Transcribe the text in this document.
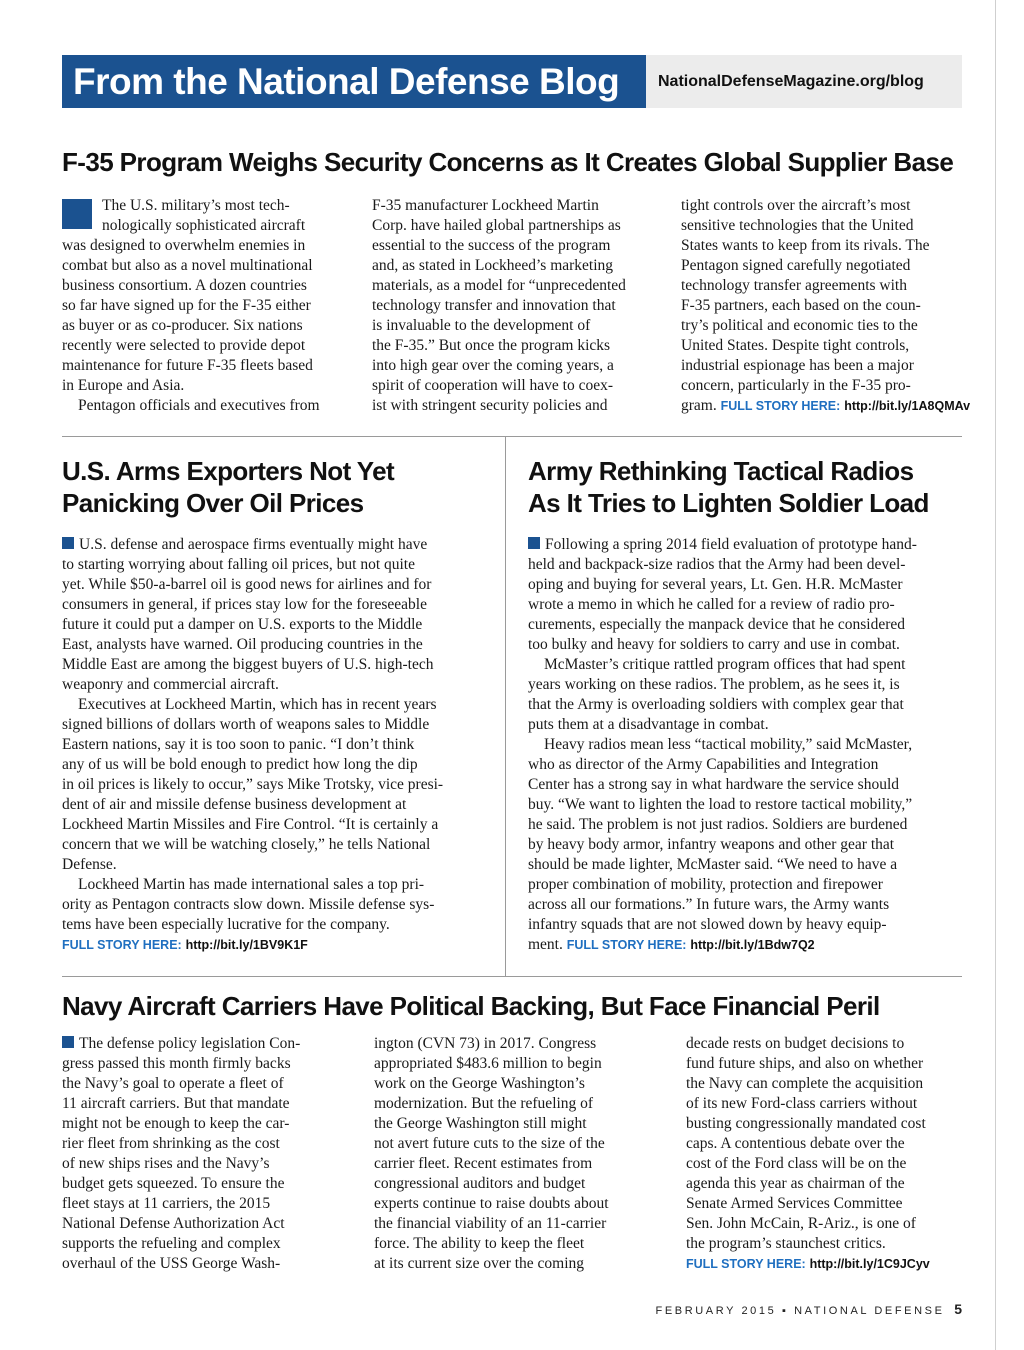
From the National Defense Blog	NationalDefenseMagazine.org/blog
F-35 Program Weighs Security Concerns as It Creates Global Supplier Base

The U.S. military’s most tech-
nologically sophisticated aircraft
was designed to overwhelm enemies in
combat but also as a novel multinational
business consortium. A dozen countries
so far have signed up for the F-35 either
as buyer or as co-producer. Six nations
recently were selected to provide depot
maintenance for future F-35 fleets based
in Europe and Asia.

Pentagon officials and executives from

F-35 manufacturer Lockheed Martin
Corp. have hailed global partnerships as
essential to the success of the program
and, as stated in Lockheed’s marketing
materials, as a model for “unprecedented
technology transfer and innovation that
is invaluable to the development of
the F-35.” But once the program kicks
into high gear over the coming years, a
spirit of cooperation will have to coex-
ist with stringent security policies and
tight controls over the aircraft’s most
sensitive technologies that the United
States wants to keep from its rivals. The
Pentagon signed carefully negotiated
technology transfer agreements with
F-35 partners, each based on the coun-
try’s political and economic ties to the
United States. Despite tight controls,
industrial espionage has been a major
concern, particularly in the F-35 pro-
gram. FULL STORY HERE: http://bit.ly/1A8QMAv
U.S. Arms Exporters Not Yet
Panicking Over Oil Prices

U.S. defense and aerospace firms eventually might have
to starting worrying about falling oil prices, but not quite
yet. While $50-a-barrel oil is good news for airlines and for
consumers in general, if prices stay low for the foreseeable
future it could put a damper on U.S. exports to the Middle
East, analysts have warned. Oil producing countries in the
Middle East are among the biggest buyers of U.S. high-tech
weaponry and commercial aircraft.

Executives at Lockheed Martin, which has in recent years
signed billions of dollars worth of weapons sales to Middle
Eastern nations, say it is too soon to panic. “I don’t think
any of us will be bold enough to predict how long the dip
in oil prices is likely to occur,” says Mike Trotsky, vice presi-
dent of air and missile defense business development at
Lockheed Martin Missiles and Fire Control. “It is certainly a
concern that we will be watching closely,” he tells National
Defense.

Lockheed Martin has made international sales a top pri-
ority as Pentagon contracts slow down. Missile defense sys-
tems have been especially lucrative for the company.

FULL STORY HERE: http://bit.ly/1BV9K1F
Army Rethinking Tactical Radios
As It Tries to Lighten Soldier Load

Following a spring 2014 field evaluation of prototype hand-
held and backpack-size radios that the Army had been devel-
oping and buying for several years, Lt. Gen. H.R. McMaster
wrote a memo in which he called for a review of radio pro-
curements, especially the manpack device that he considered
too bulky and heavy for soldiers to carry and use in combat.

McMaster’s critique rattled program offices that had spent
years working on these radios. The problem, as he sees it, is
that the Army is overloading soldiers with complex gear that
puts them at a disadvantage in combat.

Heavy radios mean less “tactical mobility,” said McMaster,
who as director of the Army Capabilities and Integration
Center has a strong say in what hardware the service should
buy. “We want to lighten the load to restore tactical mobility,”
he said. The problem is not just radios. Soldiers are burdened
by heavy body armor, infantry weapons and other gear that
should be made lighter, McMaster said. “We need to have a
proper combination of mobility, protection and firepower
across all our formations.” In future wars, the Army wants
infantry squads that are not slowed down by heavy equip-
ment. FULL STORY HERE: http://bit.ly/1Bdw7Q2

Navy Aircraft Carriers Have Political Backing, But Face Financial Peril
The defense policy legislation Con-
gress passed this month firmly backs
the Navy’s goal to operate a fleet of
11 aircraft carriers. But that mandate
might not be enough to keep the car-
rier fleet from shrinking as the cost
of new ships rises and the Navy’s
budget gets squeezed. To ensure the
fleet stays at 11 carriers, the 2015
National Defense Authorization Act
supports the refueling and complex
overhaul of the USS George Wash-
ington (CVN 73) in 2017. Congress
appropriated $483.6 million to begin
work on the George Washington’s
modernization. But the refueling of
the George Washington still might
not avert future cuts to the size of the
carrier fleet. Recent estimates from
congressional auditors and budget
experts continue to raise doubts about
the financial viability of an 11-carrier
force. The ability to keep the fleet
at its current size over the coming
decade rests on budget decisions to
fund future ships, and also on whether
the Navy can complete the acquisition
of its new Ford-class carriers without
busting congressionally mandated cost
caps. A contentious debate over the
cost of the Ford class will be on the
agenda this year as chairman of the
Senate Armed Services Committee
Sen. John McCain, R-Ariz., is one of
the program’s staunchest critics.
FULL STORY HERE: http://bit.ly/1C9JCyv
FEBRUARY 2015 ▪ NATIONAL DEFENSE 5
